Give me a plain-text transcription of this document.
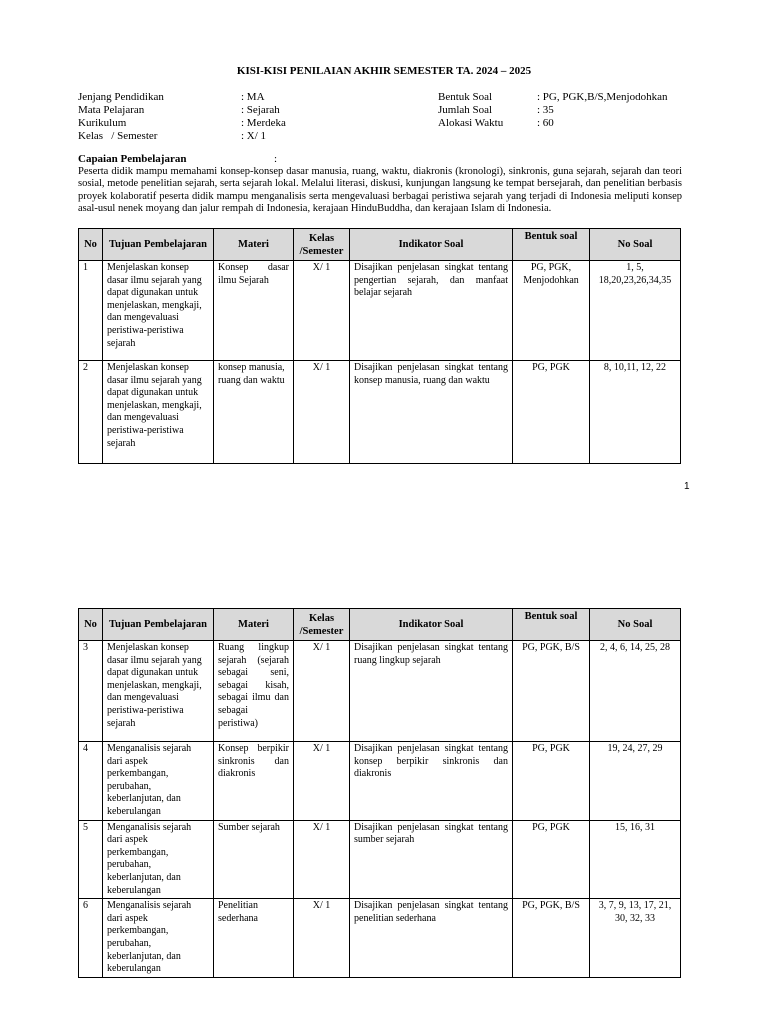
KISI-KISI PENILAIAN AKHIR SEMESTER TA. 2024 – 2025
Jenjang Pendidikan	: MA
Mata Pelajaran	: Sejarah
Kurikulum	: Merdeka
Kelas   / Semester	: X/ 1
Bentuk Soal	: PG, PGK,B/S,Menjodohkan
Jumlah Soal	: 35
Alokasi Waktu	: 60
Capaian Pembelajaran	:
Peserta didik mampu memahami konsep-konsep dasar manusia, ruang, waktu, diakronis (kronologi), sinkronis, guna sejarah, sejarah dan teori sosial, metode penelitian sejarah, serta sejarah lokal. Melalui literasi, diskusi, kunjungan langsung ke tempat bersejarah, dan penelitian berbasis proyek kolaboratif peserta didik mampu menganalisis serta mengevaluasi berbagai peristiwa sejarah yang terjadi di Indonesia meliputi konsep asal-usul nenek moyang dan jalur rempah di Indonesia, kerajaan HinduBuddha, dan kerajaan Islam di Indonesia.
No	Tujuan Pembelajaran	Materi	Kelas /Semester	Indikator Soal	Bentuk soal	No Soal
1	Menjelaskan konsep dasar ilmu sejarah yang dapat digunakan untuk menjelaskan, mengkaji, dan mengevaluasi peristiwa-peristiwa sejarah	Konsep dasar ilmu Sejarah	X/ 1	Disajikan penjelasan singkat tentang pengertian sejarah, dan manfaat belajar sejarah	PG, PGK, Menjodohkan	1, 5, 18,20,23,26,34,35
2	Menjelaskan konsep dasar ilmu sejarah yang dapat digunakan untuk menjelaskan, mengkaji, dan mengevaluasi peristiwa-peristiwa sejarah	konsep manusia, ruang dan waktu	X/ 1	Disajikan penjelasan singkat tentang konsep manusia, ruang dan waktu	PG, PGK	8, 10,11, 12, 22
1
No	Tujuan Pembelajaran	Materi	Kelas /Semester	Indikator Soal	Bentuk soal	No Soal
3	Menjelaskan konsep dasar ilmu sejarah yang dapat digunakan untuk menjelaskan, mengkaji, dan mengevaluasi peristiwa-peristiwa sejarah	Ruang lingkup sejarah (sejarah sebagai seni, sebagai kisah, sebagai ilmu dan sebagai peristiwa)	X/ 1	Disajikan penjelasan singkat tentang ruang lingkup sejarah	PG, PGK, B/S	2, 4, 6, 14, 25, 28
4	Menganalisis sejarah dari aspek perkembangan, perubahan, keberlanjutan, dan keberulangan	Konsep berpikir sinkronis dan diakronis	X/ 1	Disajikan penjelasan singkat tentang konsep berpikir sinkronis dan diakronis	PG, PGK	19, 24, 27, 29
5	Menganalisis sejarah dari aspek perkembangan, perubahan, keberlanjutan, dan keberulangan	Sumber sejarah	X/ 1	Disajikan penjelasan singkat tentang sumber sejarah	PG, PGK	15, 16, 31
6	Menganalisis sejarah dari aspek perkembangan, perubahan, keberlanjutan, dan keberulangan	Penelitian sederhana	X/ 1	Disajikan penjelasan singkat tentang penelitian sederhana	PG, PGK, B/S	3, 7, 9, 13, 17, 21, 30, 32, 33
